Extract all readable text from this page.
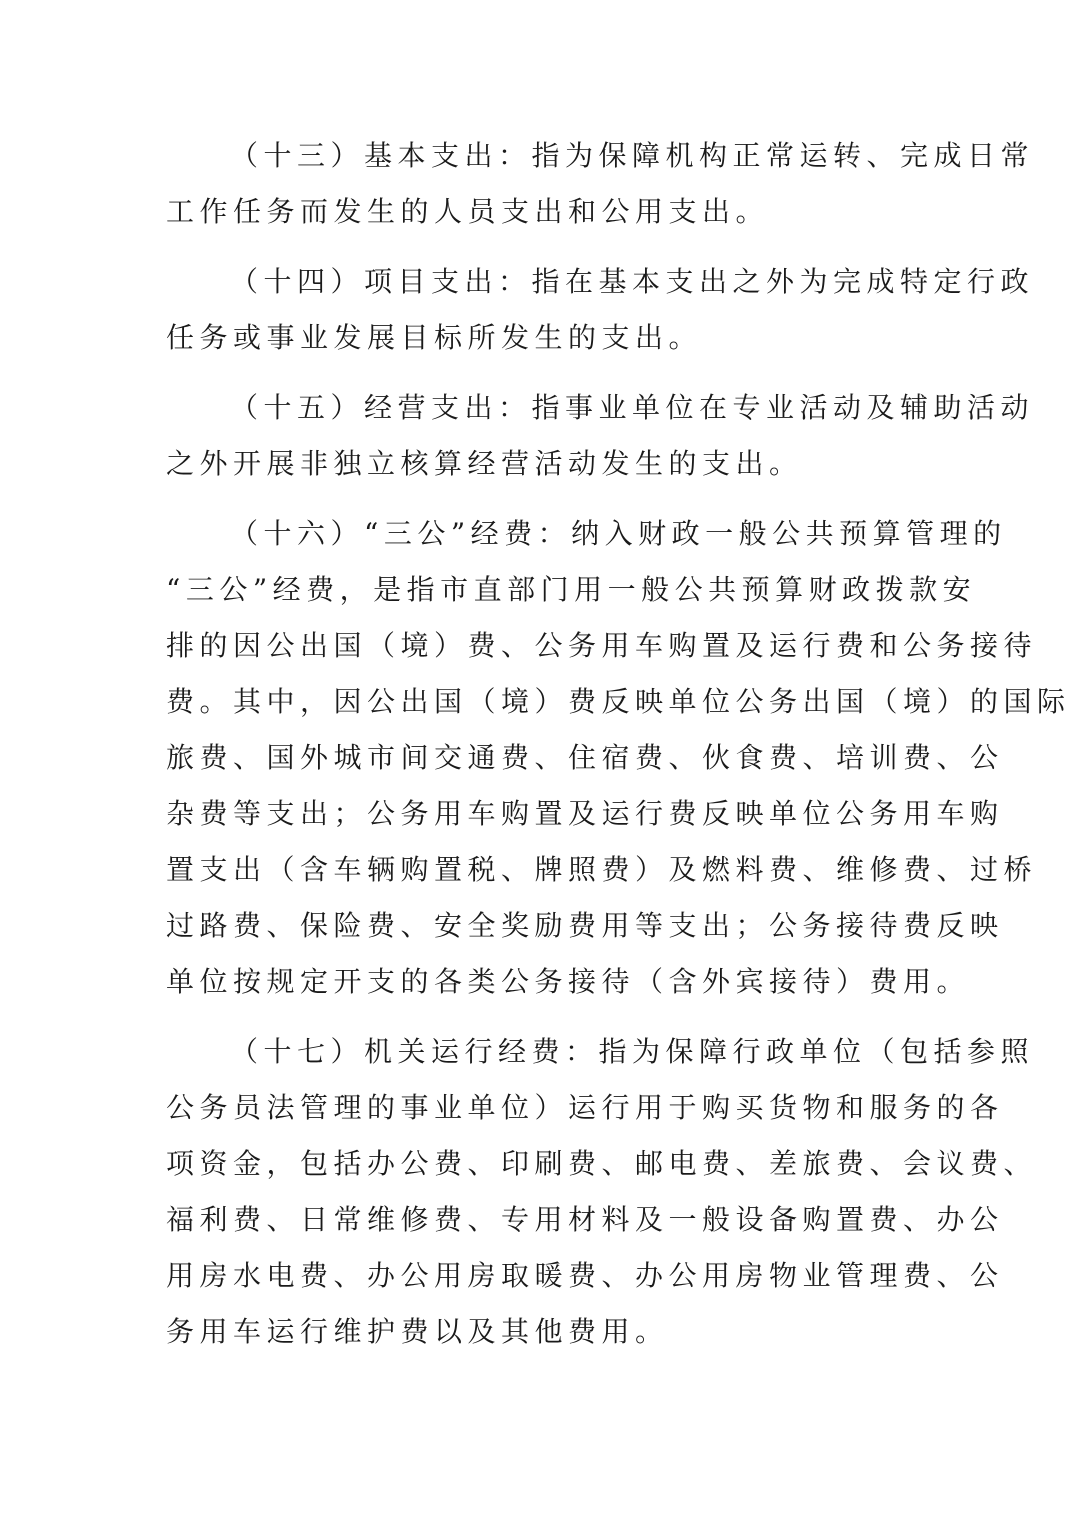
（十三）基本支出：指为保障机构正常运转、完成日常
工作任务而发生的人员支出和公用支出。

（十四）项目支出：指在基本支出之外为完成特定行政
任务或事业发展目标所发生的支出。

（十五）经营支出：指事业单位在专业活动及辅助活动
之外开展非独立核算经营活动发生的支出。

（十六）“三公”经费：纳入财政一般公共预算管理的
“三公”经费，是指市直部门用一般公共预算财政拨款安
排的因公出国（境）费、公务用车购置及运行费和公务接待
费。其中，因公出国（境）费反映单位公务出国（境）的国际
旅费、国外城市间交通费、住宿费、伙食费、培训费、公
杂费等支出；公务用车购置及运行费反映单位公务用车购
置支出（含车辆购置税、牌照费）及燃料费、维修费、过桥
过路费、保险费、安全奖励费用等支出；公务接待费反映
单位按规定开支的各类公务接待（含外宾接待）费用。

（十七）机关运行经费：指为保障行政单位（包括参照
公务员法管理的事业单位）运行用于购买货物和服务的各
项资金，包括办公费、印刷费、邮电费、差旅费、会议费、
福利费、日常维修费、专用材料及一般设备购置费、办公
用房水电费、办公用房取暖费、办公用房物业管理费、公
务用车运行维护费以及其他费用。
